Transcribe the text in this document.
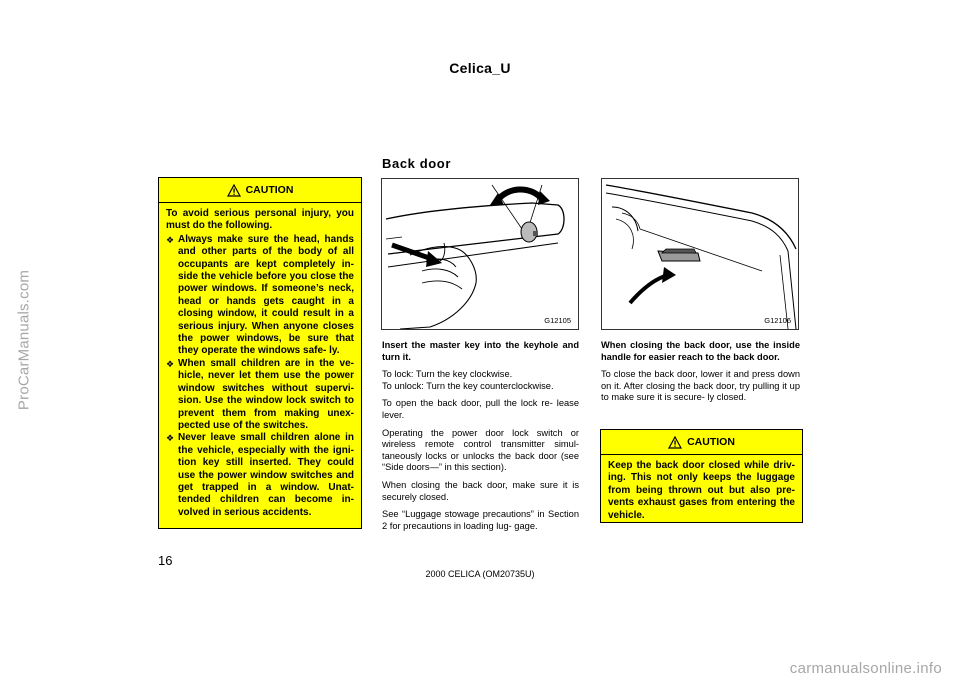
Celica_U
ProCarManuals.com
Back door
CAUTION

To avoid serious personal injury, you must do the following.

❖ Always make sure the head, hands and other parts of the body of all occupants are kept completely in- side the vehicle before you close the power windows. If someone’s neck, head or hands gets caught in a closing window, it could result in a serious injury. When anyone closes the power windows, be sure that they operate the windows safe- ly.
❖ When small children are in the ve- hicle, never let them use the power window switches without supervi- sion. Use the window lock switch to prevent them from making unex- pected use of the switches.
❖ Never leave small children alone in the vehicle, especially with the igni- tion key still inserted. They could use the power window switches and get trapped in a window. Unat- tended children can become in- volved in serious accidents.
G12105	G12106

Insert the master key into the keyhole and turn it.

To lock: Turn the key clockwise.
To unlock: Turn the key counterclockwise.

To open the back door, pull the lock re- lease lever.

Operating the power door lock switch or wireless remote control transmitter simul- taneously locks or unlocks the back door (see “Side doors—” in this section).

When closing the back door, make sure it is securely closed.

See “Luggage stowage precautions” in Section 2 for precautions in loading lug- gage.

When closing the back door, use the inside handle for easier reach to the back door.

To close the back door, lower it and press down on it. After closing the back door, try pulling it up to make sure it is secure- ly closed.

CAUTION

Keep the back door closed while driv- ing. This not only keeps the luggage from being thrown out but also pre- vents exhaust gases from entering the vehicle.

16
2000 CELICA (OM20735U)
carmanualsonline.info
